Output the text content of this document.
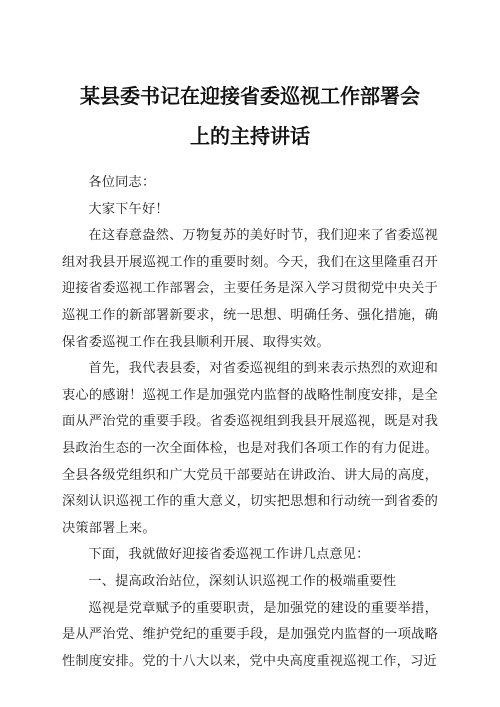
某县委书记在迎接省委巡视工作部署会
上的主持讲话

各位同志：

大家下午好！

在这春意盎然、万物复苏的美好时节，我们迎来了省委巡视组对我县开展巡视工作的重要时刻。今天，我们在这里隆重召开迎接省委巡视工作部署会，主要任务是深入学习贯彻党中央关于巡视工作的新部署新要求，统一思想、明确任务、强化措施，确保省委巡视工作在我县顺利开展、取得实效。

首先，我代表县委，对省委巡视组的到来表示热烈的欢迎和衷心的感谢！巡视工作是加强党内监督的战略性制度安排，是全面从严治党的重要手段。省委巡视组到我县开展巡视，既是对我县政治生态的一次全面体检，也是对我们各项工作的有力促进。全县各级党组织和广大党员干部要站在讲政治、讲大局的高度，深刻认识巡视工作的重大意义，切实把思想和行动统一到省委的决策部署上来。

下面，我就做好迎接省委巡视工作讲几点意见：

一、提高政治站位，深刻认识巡视工作的极端重要性

巡视是党章赋予的重要职责，是加强党的建设的重要举措，是从严治党、维护党纪的重要手段，是加强党内监督的一项战略性制度安排。党的十八大以来，党中央高度重视巡视工作，习近
